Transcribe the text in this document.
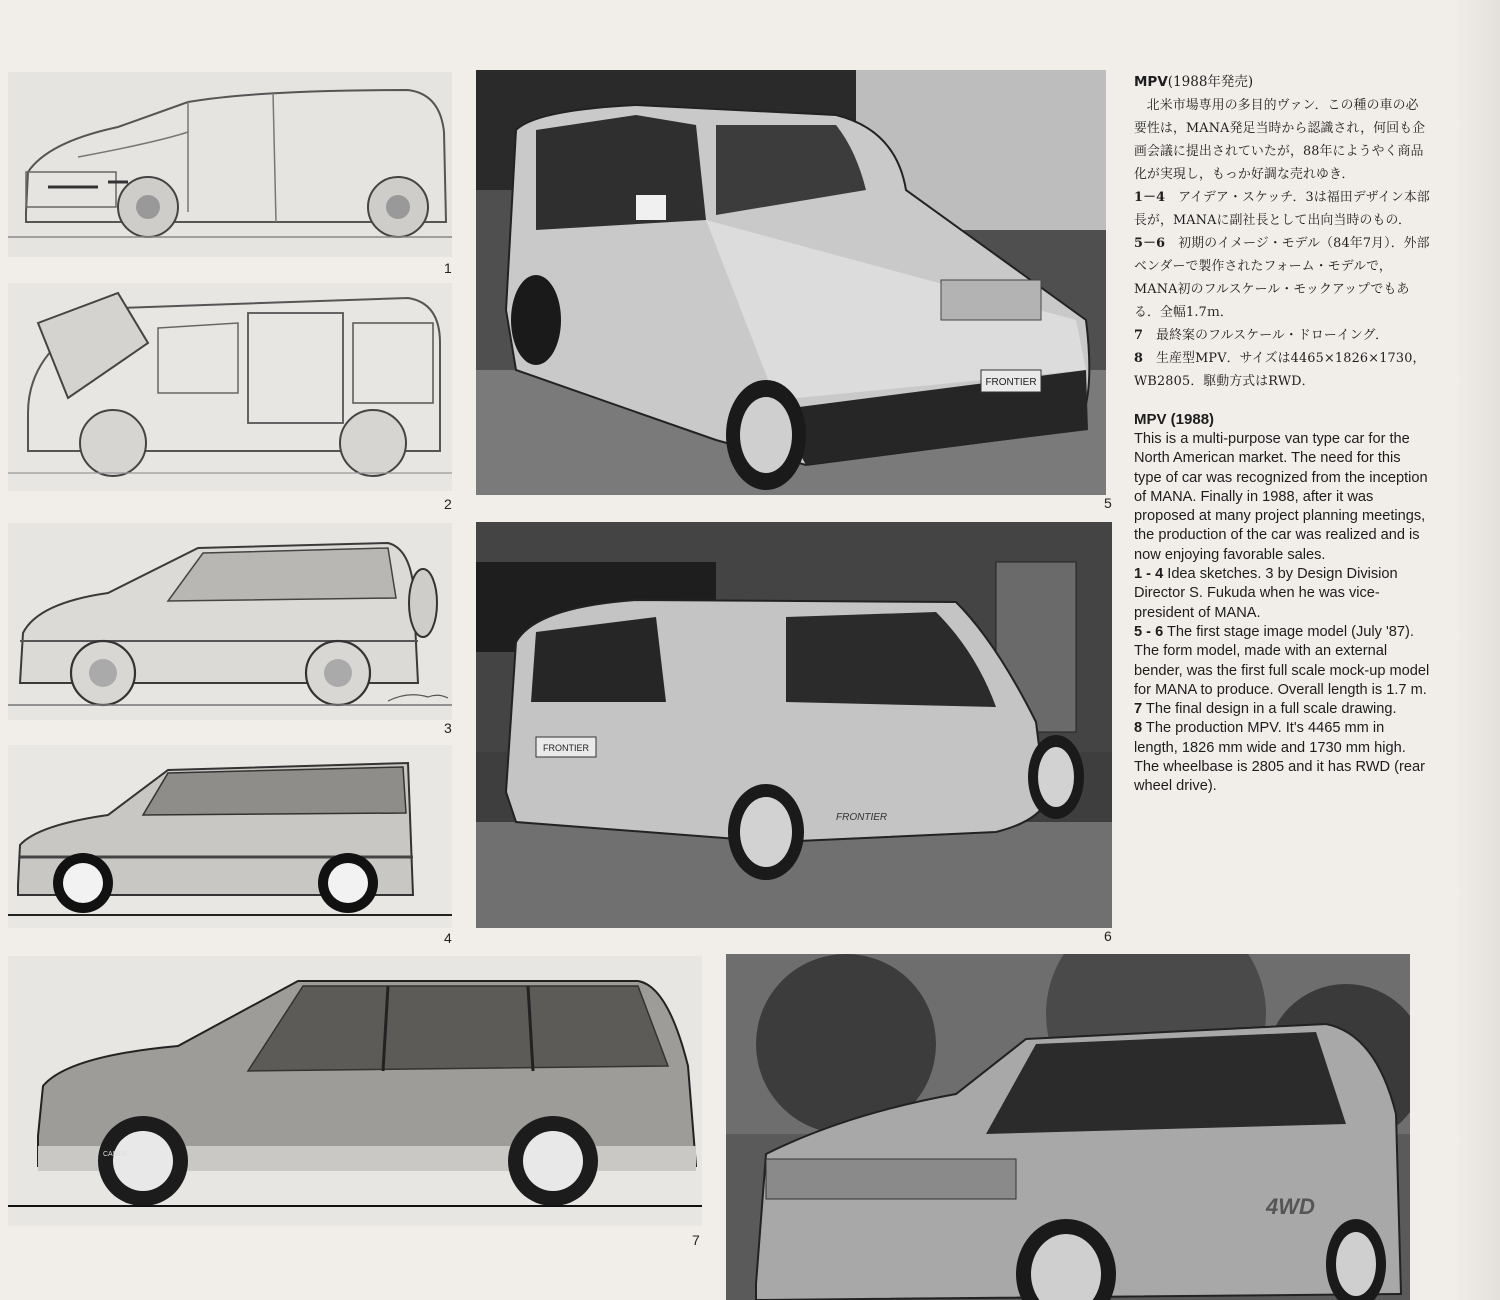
1
2
3
4
FRONTIER
5
FRONTIER
FRONTIER
6
CAMIAL
7
4WD

MPV(1988年発売)

北米市場専用の多目的ヴァン．この種の車の必要性は，MANA発足当時から認識され，何回も企画会議に提出されていたが，88年にようやく商品化が実現し，もっか好調な売れゆき．

1－4　 アイデア・スケッチ．3は福田デザイン本部長が，MANAに副社長として出向当時のもの．

5－6　 初期のイメージ・モデル（84年7月）．外部ベンダーで製作されたフォーム・モデルで，MANA初のフルスケール・モックアップでもある．全幅1.7ｍ．

7　 最終案のフルスケール・ドローイング．

8　 生産型MPV．サイズは4465×1826×1730，WB2805．駆動方式はRWD．

MPV (1988)

This is a multi-purpose van type car for the North American market. The need for this type of car was recognized from the inception of MANA. Finally in 1988, after it was proposed at many project planning meetings, the production of the car was realized and is now enjoying favorable sales.

1 - 4 Idea sketches. 3 by Design Division Director S. Fukuda when he was vice-president of MANA.

5 - 6 The first stage image model (July '87). The form model, made with an external bender, was the first full scale mock-up model for MANA to produce. Overall length is 1.7 m.

7 The final design in a full scale drawing.

8 The production MPV. It's 4465 mm in length, 1826 mm wide and 1730 mm high. The wheelbase is 2805 and it has RWD (rear wheel drive).
